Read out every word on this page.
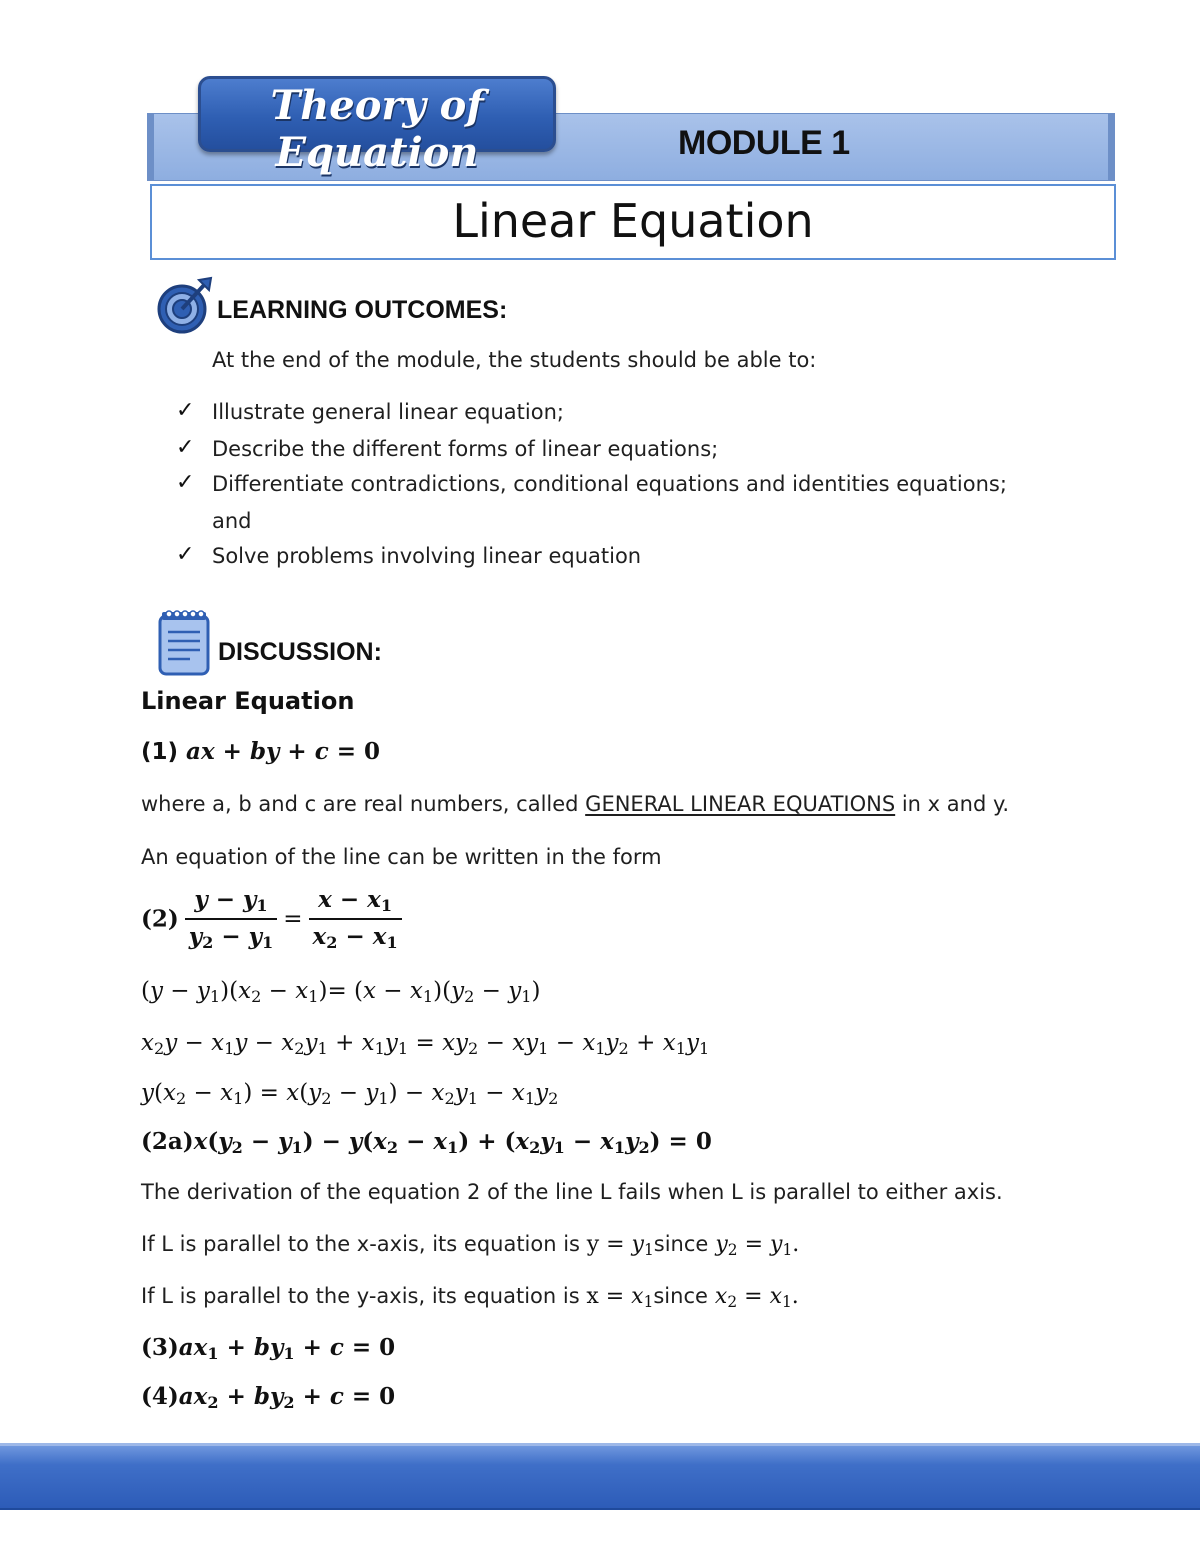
MODULE 1
Theory of Equation
Linear Equation
LEARNING OUTCOMES:
At the end of the module, the students should be able to:
✓ Illustrate general linear equation;
✓ Describe the different forms of linear equations;
✓ Differentiate contradictions, conditional equations and identities equations;
and
✓ Solve problems involving linear equation
DISCUSSION:
Linear Equation
(1) ax + by + c = 0
where a, b and c are real numbers, called GENERAL LINEAR EQUATIONS in x and y.
An equation of the line can be written in the form
$(2) \frac{y - y_1}{y_2 - y_1} = \frac{x - x_1}{x_2 - x_1}$
$(y - y_1)(x_2 - x_1)= (x - x_1)(y_2 - y_1)$
$x_2y - x_1y - x_2y_1 + x_1y_1 = xy_2 - xy_1 - x_1y_2 + x_1y_1$
$y(x_2 - x_1) = x(y_2 - y_1) - x_2y_1 - x_1y_2$
$(2a)x(y_2 - y_1) - y(x_2 - x_1) + (x_2y_1 - x_1y_2) = 0$
The derivation of the equation 2 of the line L fails when L is parallel to either axis.
If L is parallel to the x-axis, its equation is $y = y_1since$ $y_2 = y_1$.
If L is parallel to the y-axis, its equation is $x = x_1since$ $x_2 = x_1$.
$(3)ax_1 + by_1 + c = 0$
$(4)ax_2 + by_2 + c = 0$
